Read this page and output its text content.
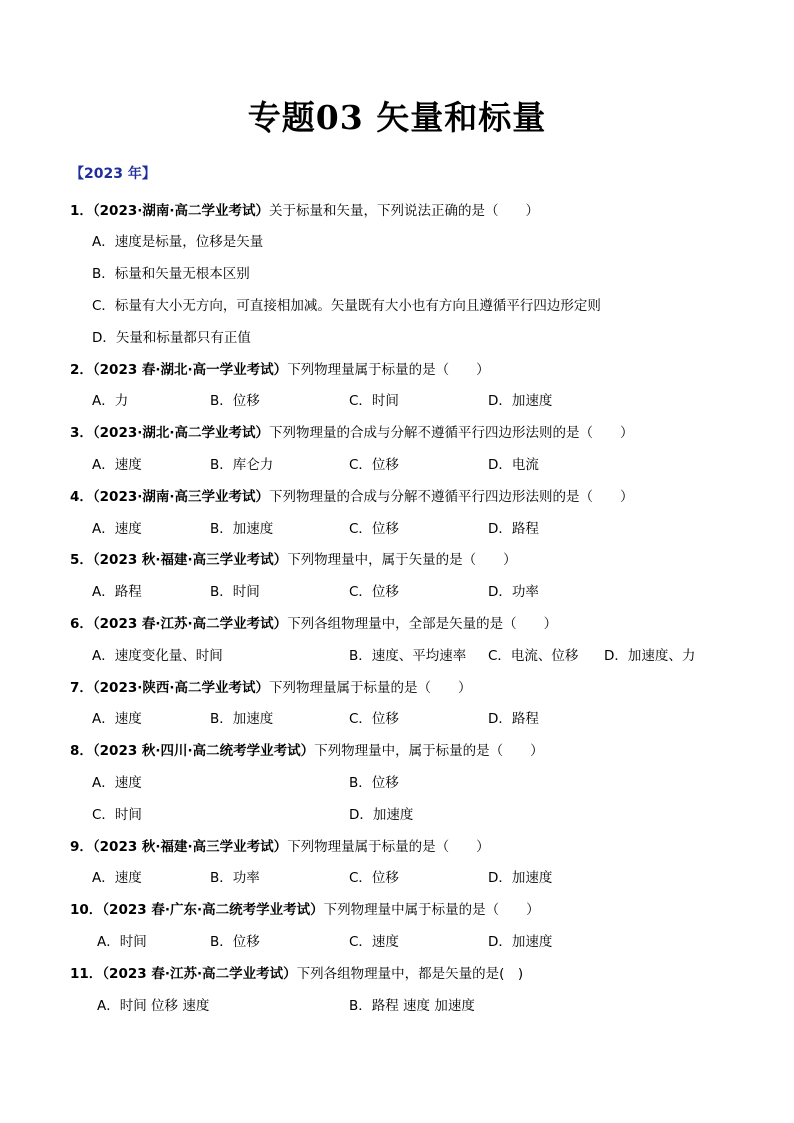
专题03 矢量和标量
【2023 年】
1．（2023·湖南·高二学业考试）关于标量和矢量，下列说法正确的是（　　）
A．速度是标量，位移是矢量
B．标量和矢量无根本区别
C．标量有大小无方向，可直接相加减。矢量既有大小也有方向且遵循平行四边形定则
D．矢量和标量都只有正值
2．（2023 春·湖北·高一学业考试）下列物理量属于标量的是（　　）
A．力	B．位移	C．时间	D．加速度
3．（2023·湖北·高二学业考试）下列物理量的合成与分解不遵循平行四边形法则的是（　　）
A．速度	B．库仑力	C．位移	D．电流
4．（2023·湖南·高三学业考试）下列物理量的合成与分解不遵循平行四边形法则的是（　　）
A．速度	B．加速度	C．位移	D．路程
5．（2023 秋·福建·高三学业考试）下列物理量中，属于矢量的是（　　）
A．路程	B．时间	C．位移	D．功率
6．（2023 春·江苏·高二学业考试）下列各组物理量中，全部是矢量的是（　　）
A．速度变化量、时间	B．速度、平均速率 C．电流、位移 D．加速度、力
7．（2023·陕西·高二学业考试）下列物理量属于标量的是（　　）
A．速度	B．加速度	C．位移	D．路程
8．（2023 秋·四川·高二统考学业考试）下列物理量中，属于标量的是（　　）
A．速度	B．位移
C．时间	D．加速度
9．（2023 秋·福建·高三学业考试）下列物理量属于标量的是（　　）
A．速度	B．功率	C．位移	D．加速度
10．（2023 春·广东·高二统考学业考试）下列物理量中属于标量的是（　　）
A．时间	B．位移	C．速度	D．加速度
11．（2023 春·江苏·高二学业考试）下列各组物理量中，都是矢量的是(　)
A．时间 位移 速度	B．路程 速度 加速度
